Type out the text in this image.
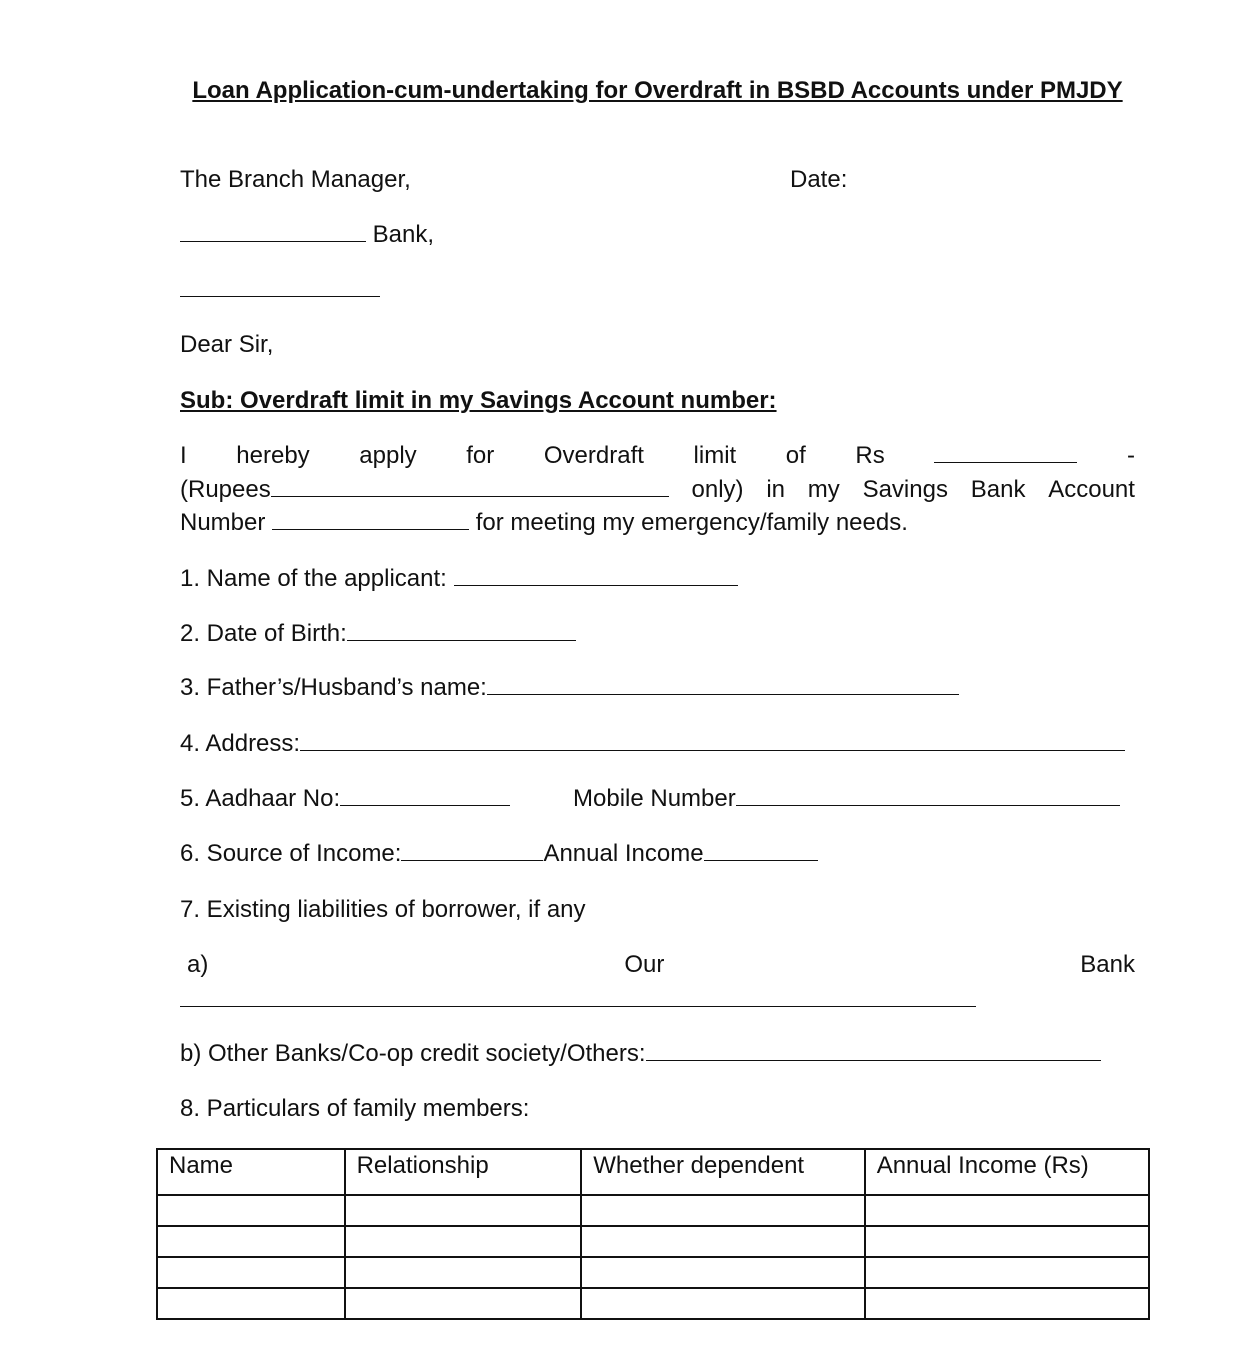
Loan Application-cum-undertaking for Overdraft in BSBD Accounts under PMJDY
The Branch Manager,	Date:
Bank,
Dear Sir,
Sub: Overdraft limit in my Savings Account number:
I hereby apply for Overdraft limit of Rs	-
(Rupees	only) in my Savings Bank Account
Number	for meeting my emergency/family needs.
1. Name of the applicant:
2. Date of Birth:
3. Father’s/Husband’s name:
4. Address:
5. Aadhaar No:	Mobile Number
6. Source of Income:	Annual Income
7. Existing liabilities of borrower, if any
a)	Our	Bank
b) Other Banks/Co-op credit society/Others:
8. Particulars of family members:
Name	Relationship	Whether dependent	Annual Income (Rs)
